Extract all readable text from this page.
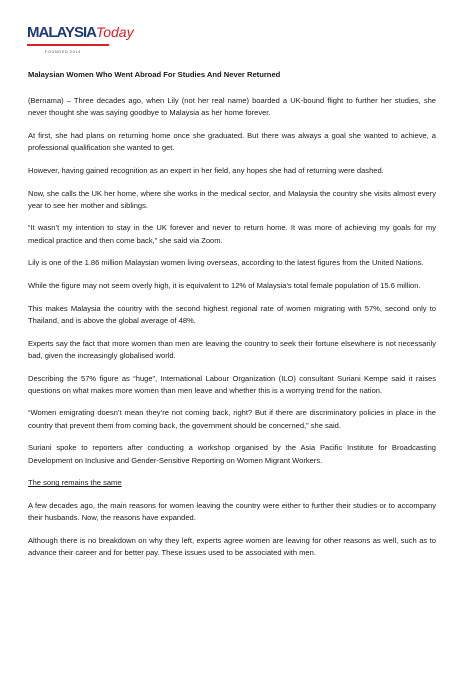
MALAYSIAToday
FOUNDED 2014
Malaysian Women Who Went Abroad For Studies And Never Returned

(Bernama) – Three decades ago, when Lily (not her real name) boarded a UK-bound flight to further her studies, she never thought she was saying goodbye to Malaysia as her home forever.

At first, she had plans on returning home once she graduated. But there was always a goal she wanted to achieve, a professional qualification she wanted to get.

However, having gained recognition as an expert in her field, any hopes she had of returning were dashed.

Now, she calls the UK her home, where she works in the medical sector, and Malaysia the country she visits almost every year to see her mother and siblings.

“It wasn’t my intention to stay in the UK forever and never to return home. It was more of achieving my goals for my medical practice and then come back,” she said via Zoom.

Lily is one of the 1.86 million Malaysian women living overseas, according to the latest figures from the United Nations.

While the figure may not seem overly high, it is equivalent to 12% of Malaysia’s total female population of 15.6 million.

This makes Malaysia the country with the second highest regional rate of women migrating with 57%, second only to Thailand, and is above the global average of 48%.

Experts say the fact that more women than men are leaving the country to seek their fortune elsewhere is not necessarily bad, given the increasingly globalised world.

Describing the 57% figure as “huge”, International Labour Organization (ILO) consultant Suriani Kempe said it raises questions on what makes more women than men leave and whether this is a worrying trend for the nation.

“Women emigrating doesn’t mean they’re not coming back, right? But if there are discriminatory policies in place in the country that prevent them from coming back, the government should be concerned,” she said.

Suriani spoke to reporters after conducting a workshop organised by the Asia Pacific Institute for Broadcasting Development on Inclusive and Gender-Sensitive Reporting on Women Migrant Workers.

The song remains the same

A few decades ago, the main reasons for women leaving the country were either to further their studies or to accompany their husbands. Now, the reasons have expanded.

Although there is no breakdown on why they left, experts agree women are leaving for other reasons as well, such as to advance their career and for better pay. These issues used to be associated with men.
